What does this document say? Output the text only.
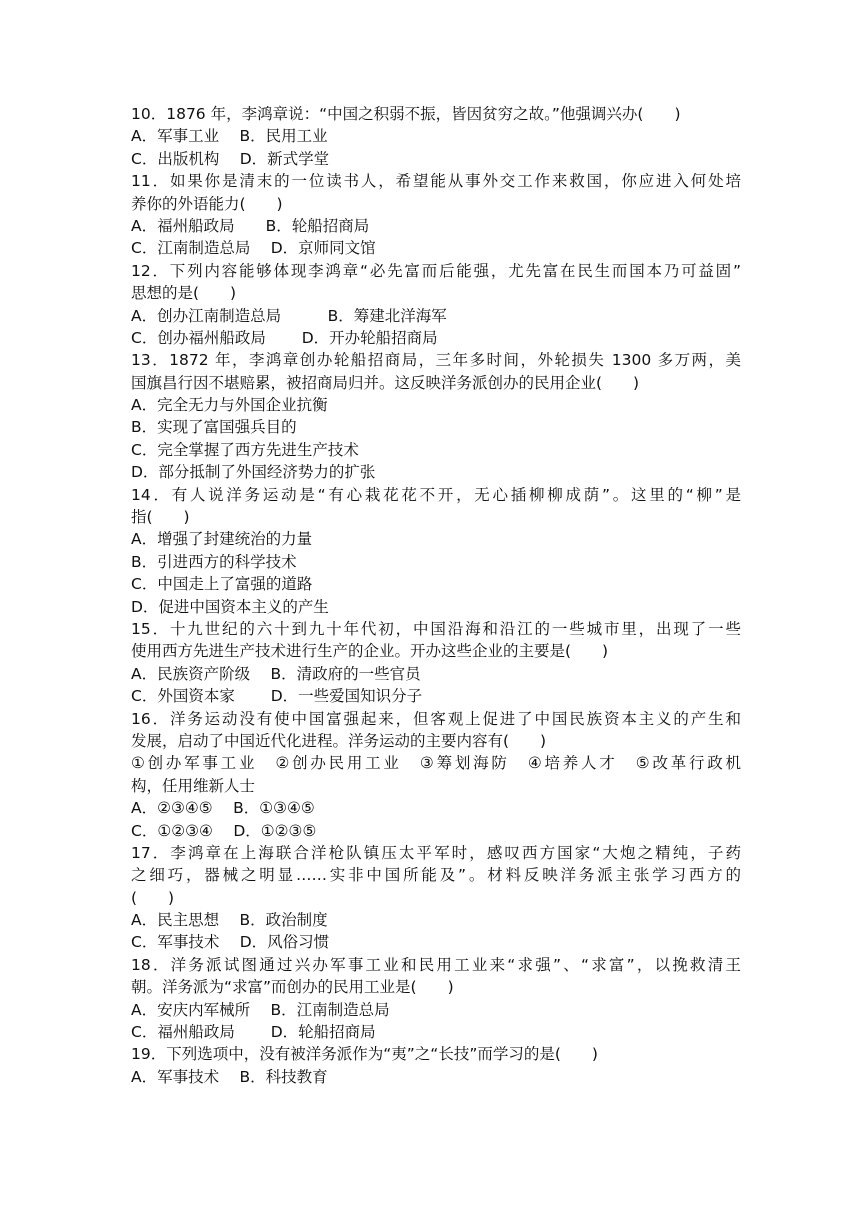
10．1876 年，李鸿章说：“中国之积弱不振，皆因贫穷之故。”他强调兴办(　　)
A．军事工业　 B．民用工业
C．出版机构　 D．新式学堂
11．如果你是清末的一位读书人，希望能从事外交工作来救国，你应进入何处培
养你的外语能力(　　)
A．福州船政局　　B．轮船招商局
C．江南制造总局　 D．京师同文馆
12．下列内容能够体现李鸿章“必先富而后能强，尤先富在民生而国本乃可益固”
思想的是(　　)
A．创办江南制造总局　　　B．筹建北洋海军
C．创办福州船政局　　 D．开办轮船招商局
13．1872 年，李鸿章创办轮船招商局，三年多时间，外轮损失 1300 多万两，美
国旗昌行因不堪赔累，被招商局归并。这反映洋务派创办的民用企业(　　)
A．完全无力与外国企业抗衡
B．实现了富国强兵目的
C．完全掌握了西方先进生产技术
D．部分抵制了外国经济势力的扩张
14．有人说洋务运动是“有心栽花花不开，无心插柳柳成荫”。这里的“柳”是
指(　　)
A．增强了封建统治的力量
B．引进西方的科学技术
C．中国走上了富强的道路
D．促进中国资本主义的产生
15．十九世纪的六十到九十年代初，中国沿海和沿江的一些城市里，出现了一些
使用西方先进生产技术进行生产的企业。开办这些企业的主要是(　　)
A．民族资产阶级　 B．清政府的一些官员
C．外国资本家　　 D．一些爱国知识分子
16．洋务运动没有使中国富强起来，但客观上促进了中国民族资本主义的产生和
发展，启动了中国近代化进程。洋务运动的主要内容有(　　)
①创办军事工业　②创办民用工业　③筹划海防　④培养人才　⑤改革行政机
构，任用维新人士
A．②③④⑤　 B．①③④⑤
C．①②③④　 D．①②③⑤
17．李鸿章在上海联合洋枪队镇压太平军时，感叹西方国家“大炮之精纯，子药
之细巧，器械之明显……实非中国所能及”。材料反映洋务派主张学习西方的
(　　)
A．民主思想　 B．政治制度
C．军事技术　 D．风俗习惯
18．洋务派试图通过兴办军事工业和民用工业来“求强”、“求富”，以挽救清王
朝。洋务派为“求富”而创办的民用工业是(　　)
A．安庆内军械所　 B．江南制造总局
C．福州船政局　　 D．轮船招商局
19．下列选项中，没有被洋务派作为“夷”之“长技”而学习的是(　　)
A．军事技术　 B．科技教育
